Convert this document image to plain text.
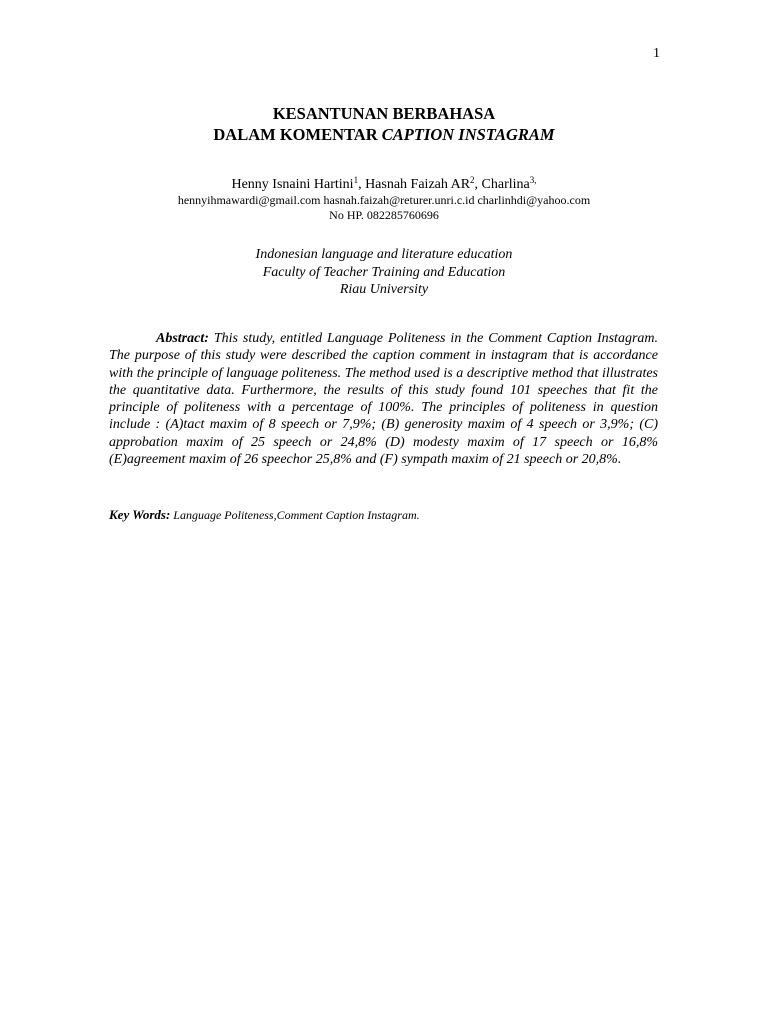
1
KESANTUNAN BERBAHASA
DALAM KOMENTAR CAPTION INSTAGRAM
Henny Isnaini Hartini$^1$, Hasnah Faizah $AR^2$, Charlina$^{3,}$
hennyihmawardi@gmail.com hasnah.faizah@returer.unri.c.id charlinhdi@yahoo.com
No HP. 082285760696
Indonesian language and literature education
Faculty of Teacher Training and Education
Riau University

Abstract: This study, entitled Language Politeness in the Comment Caption Instagram. The purpose of this study were described the caption comment in instagram that is accordance with the principle of language politeness. The method used is a descriptive method that illustrates the quantitative data. Furthermore, the results of this study found 101 speeches that fit the principle of politeness with a percentage of 100%. The principles of politeness in question include : (A)tact maxim of 8 speech or 7,9%; (B) generosity maxim of 4 speech or 3,9%; (C) approbation maxim of 25 speech or 24,8% (D) modesty maxim of 17 speech or 16,8% (E)agreement maxim of 26 speechor 25,8% and (F) sympath maxim of 21 speech or 20,8%.

Key Words: Language Politeness,Comment Caption Instagram.
